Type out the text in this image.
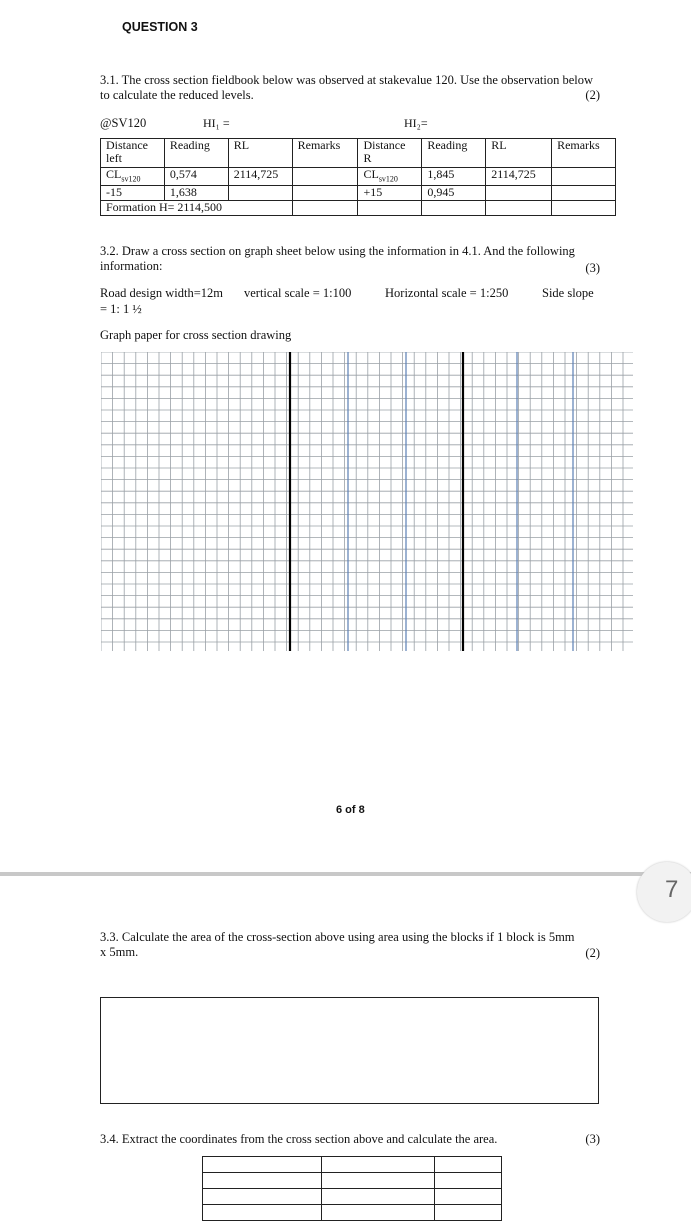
QUESTION 3
3.1. The cross section fieldbook below was observed at stakevalue 120. Use the observation below to calculate the reduced levels.	(2)
@SV120	HI₁ =	HI₂=
Distance left	Reading	RL	Remarks	Distance R	Reading	RL	Remarks
$CL_{sv120}$	0,574	2114,725		$CL_{sv120}$	1,845	2114,725	
-15	1,638			+15	0,945		
Formation H= 2114,500							
3.2. Draw a cross section on graph sheet below using the information in 4.1. And the following information:	(3)
Road design width=12m vertical scale = 1:100	Horizontal scale = 1:250	Side slope
= 1: 1 ½
Graph paper for cross section drawing
6 of 8
7
3.3. Calculate the area of the cross-section above using area using the blocks if 1 block is 5mm x 5mm.	(2)
3.4. Extract the coordinates from the cross section above and calculate the area.	(3)
